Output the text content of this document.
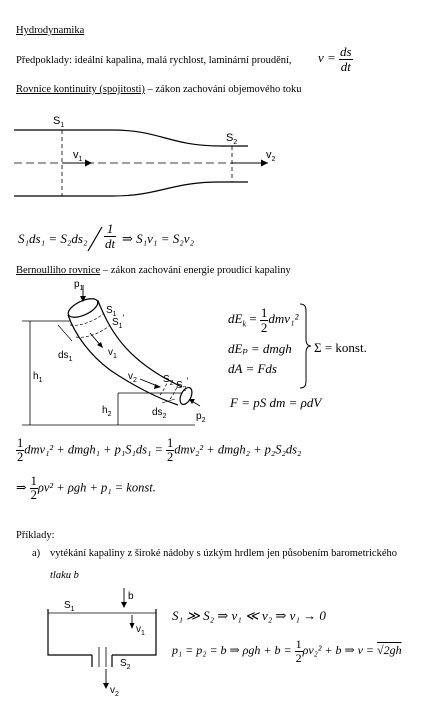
Hydrodynamika
Předpoklady: ideální kapalina, malá rychlost, laminární proudění, $v = \frac{ds}{dt}$
Rovnice kontinuity (spojitosti) – zákon zachování objemového toku
$S_1$
$S_2$
$v_1$	$v_2$
$S_1ds_1 = S_2ds_2 \frac{1}{dt}$ ⇒ S₁v₁ = S₂v₂
Bernoulliho rovnice – zákon zachování energie proudící kapaliny
$p_1$
$S_1$
$S_1'$
$ds_1$
$v_1$
$v_2$	$S_2$ $S_2'$
$ds_2$	$p_2$
$h_1$
$h_2$
$dE_k = \frac{1}{2} dmv_1^2$
dEₚ = dmgh
dA = Fds
Σ = konst.
F = pS dm = ρdV
$\frac{1}{2} dmv_1^2$ + dmgh₁ + $p_1S_1ds_1 = \frac{1}{2} dmv_2^2$ + dmgh₂ + p₂S₂ds₂
⇒ $\frac{1}{2} \rho v^2 + \rho gh + p_1$ = konst.
Příklady:
a) vytékání kapaliny z široké nádoby s úzkým hrdlem jen působením barometrického
tlaku b
$S_1$
b
$v_1$
$S_2$
$v_2$
S₁ ≫ S₂ ⇒ v₁ ≪ v₂ ⇒ v₁ → 0
p₁ = p₂ = b ⇒ $\rho gh + b = \frac{1}{2} \rho v_2^2 + b$ ⇒ v = √2gh
